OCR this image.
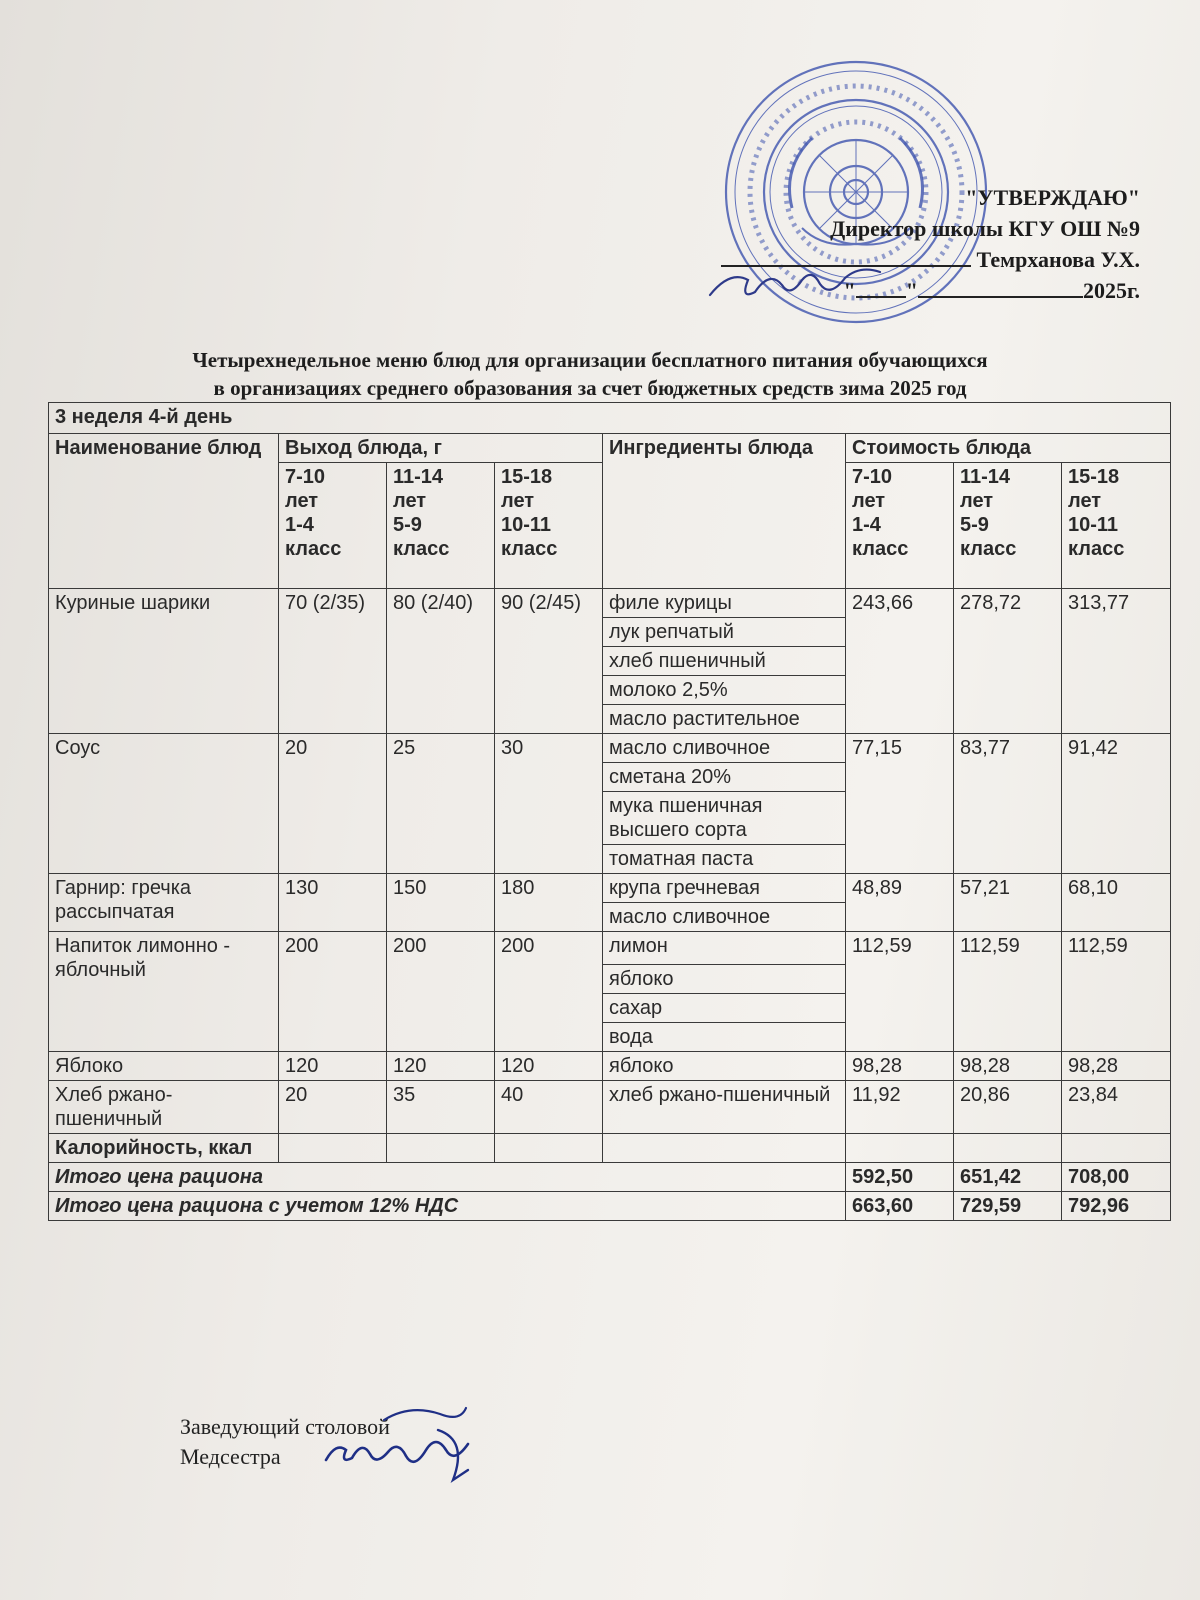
"УТВЕРЖДАЮ"
Директор школы КГУ ОШ №9
Темрханова У.Х.
" "	2025г.
Четырехнедельное меню блюд для организации бесплатного питания обучающихся
в организациях среднего образования за счет бюджетных средств зима 2025 год
3 неделя 4-й день							
Наименование блюд	Выход блюда, г			Ингредиенты блюда	Стоимость блюда		
	7-10
лет
1-4
класс	11-14
лет
5-9
класс	15-18
лет
10-11
класс		7-10
лет
1-4
класс	11-14
лет
5-9
класс	15-18
лет
10-11
класс
Куриные шарики	70 (2/35)	80 (2/40)	90 (2/45)	филе курицы	243,66	278,72	313,77
				лук репчатый			
				хлеб пшеничный			
				молоко 2,5%			
				масло растительное			
Соус	20	25	30	масло сливочное	77,15	83,77	91,42
				сметана 20%			
				мука пшеничная высшего сорта			
				томатная паста			
Гарнир: гречка рассыпчатая	130	150	180	крупа гречневая	48,89	57,21	68,10
				масло сливочное			
Напиток лимонно - яблочный	200	200	200	лимон	112,59	112,59	112,59
				яблоко			
				сахар			
				вода			
Яблоко	120	120	120	яблоко	98,28	98,28	98,28
Хлеб ржано-пшеничный	20	35	40	хлеб ржано-пшеничный	11,92	20,86	23,84
Калорийность, ккал							
Итого цена рациона					592,50	651,42	708,00
Итого цена рациона с учетом 12% НДС					663,60	729,59	792,96
Заведующий столовой
Медсестра
